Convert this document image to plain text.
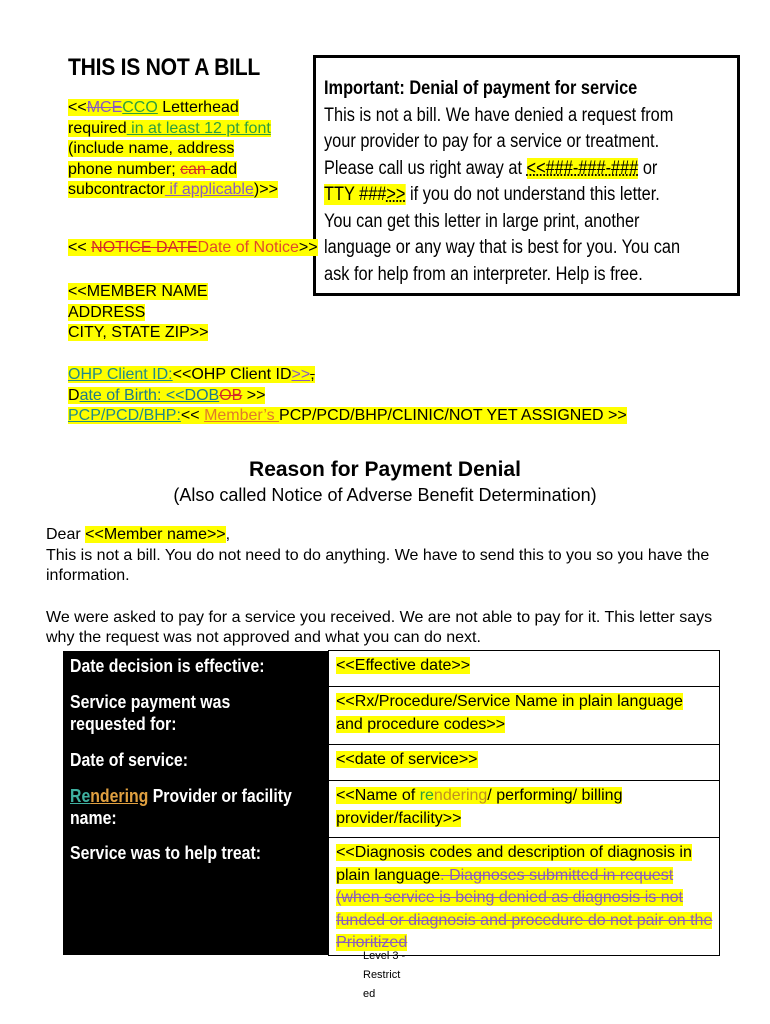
THIS IS NOT A BILL
<<MCECCO Letterhead
required in at least 12 pt font
(include name, address
phone number; can add
subcontractor if applicable)>>
Important: Denial of payment for service
This is not a bill. We have denied a request from
your provider to pay for a service or treatment.
Please call us right away at <<###-###-### or
TTY ###>> if you do not understand this letter.
You can get this letter in large print, another
language or any way that is best for you. You can
ask for help from an interpreter. Help is free.
<< NOTICE DATEDate of Notice>>
<<MEMBER NAME
ADDRESS
CITY, STATE ZIP>>
OHP Client ID:<<OHP Client ID>>,
Date of Birth: <<DOBOB >>
PCP/PCD/BHP:<< Member’s PCP/PCD/BHP/CLINIC/NOT YET ASSIGNED >>
Reason for Payment Denial
(Also called Notice of Adverse Benefit Determination)

Dear <<Member name>>,

This is not a bill. You do not need to do anything. We have to send this to you so you have the information.

We were asked to pay for a service you received. We are not able to pay for it. This letter says why the request was not approved and what you can do next.

Date decision is effective:	<<Effective date>>
Service payment was
requested for:	<<Rx/Procedure/Service Name in plain language and procedure codes>>
Date of service:	<<date of service>>
Rendering Provider or facility
name:	<<Name of rendering/ performing/ billing provider/facility>>
Service was to help treat:	<<Diagnosis codes and description of diagnosis in plain language. Diagnoses submitted in request (when service is being denied as diagnosis is not funded or diagnosis and procedure do not pair on the Prioritized
Level 3 -
Restrict
ed
